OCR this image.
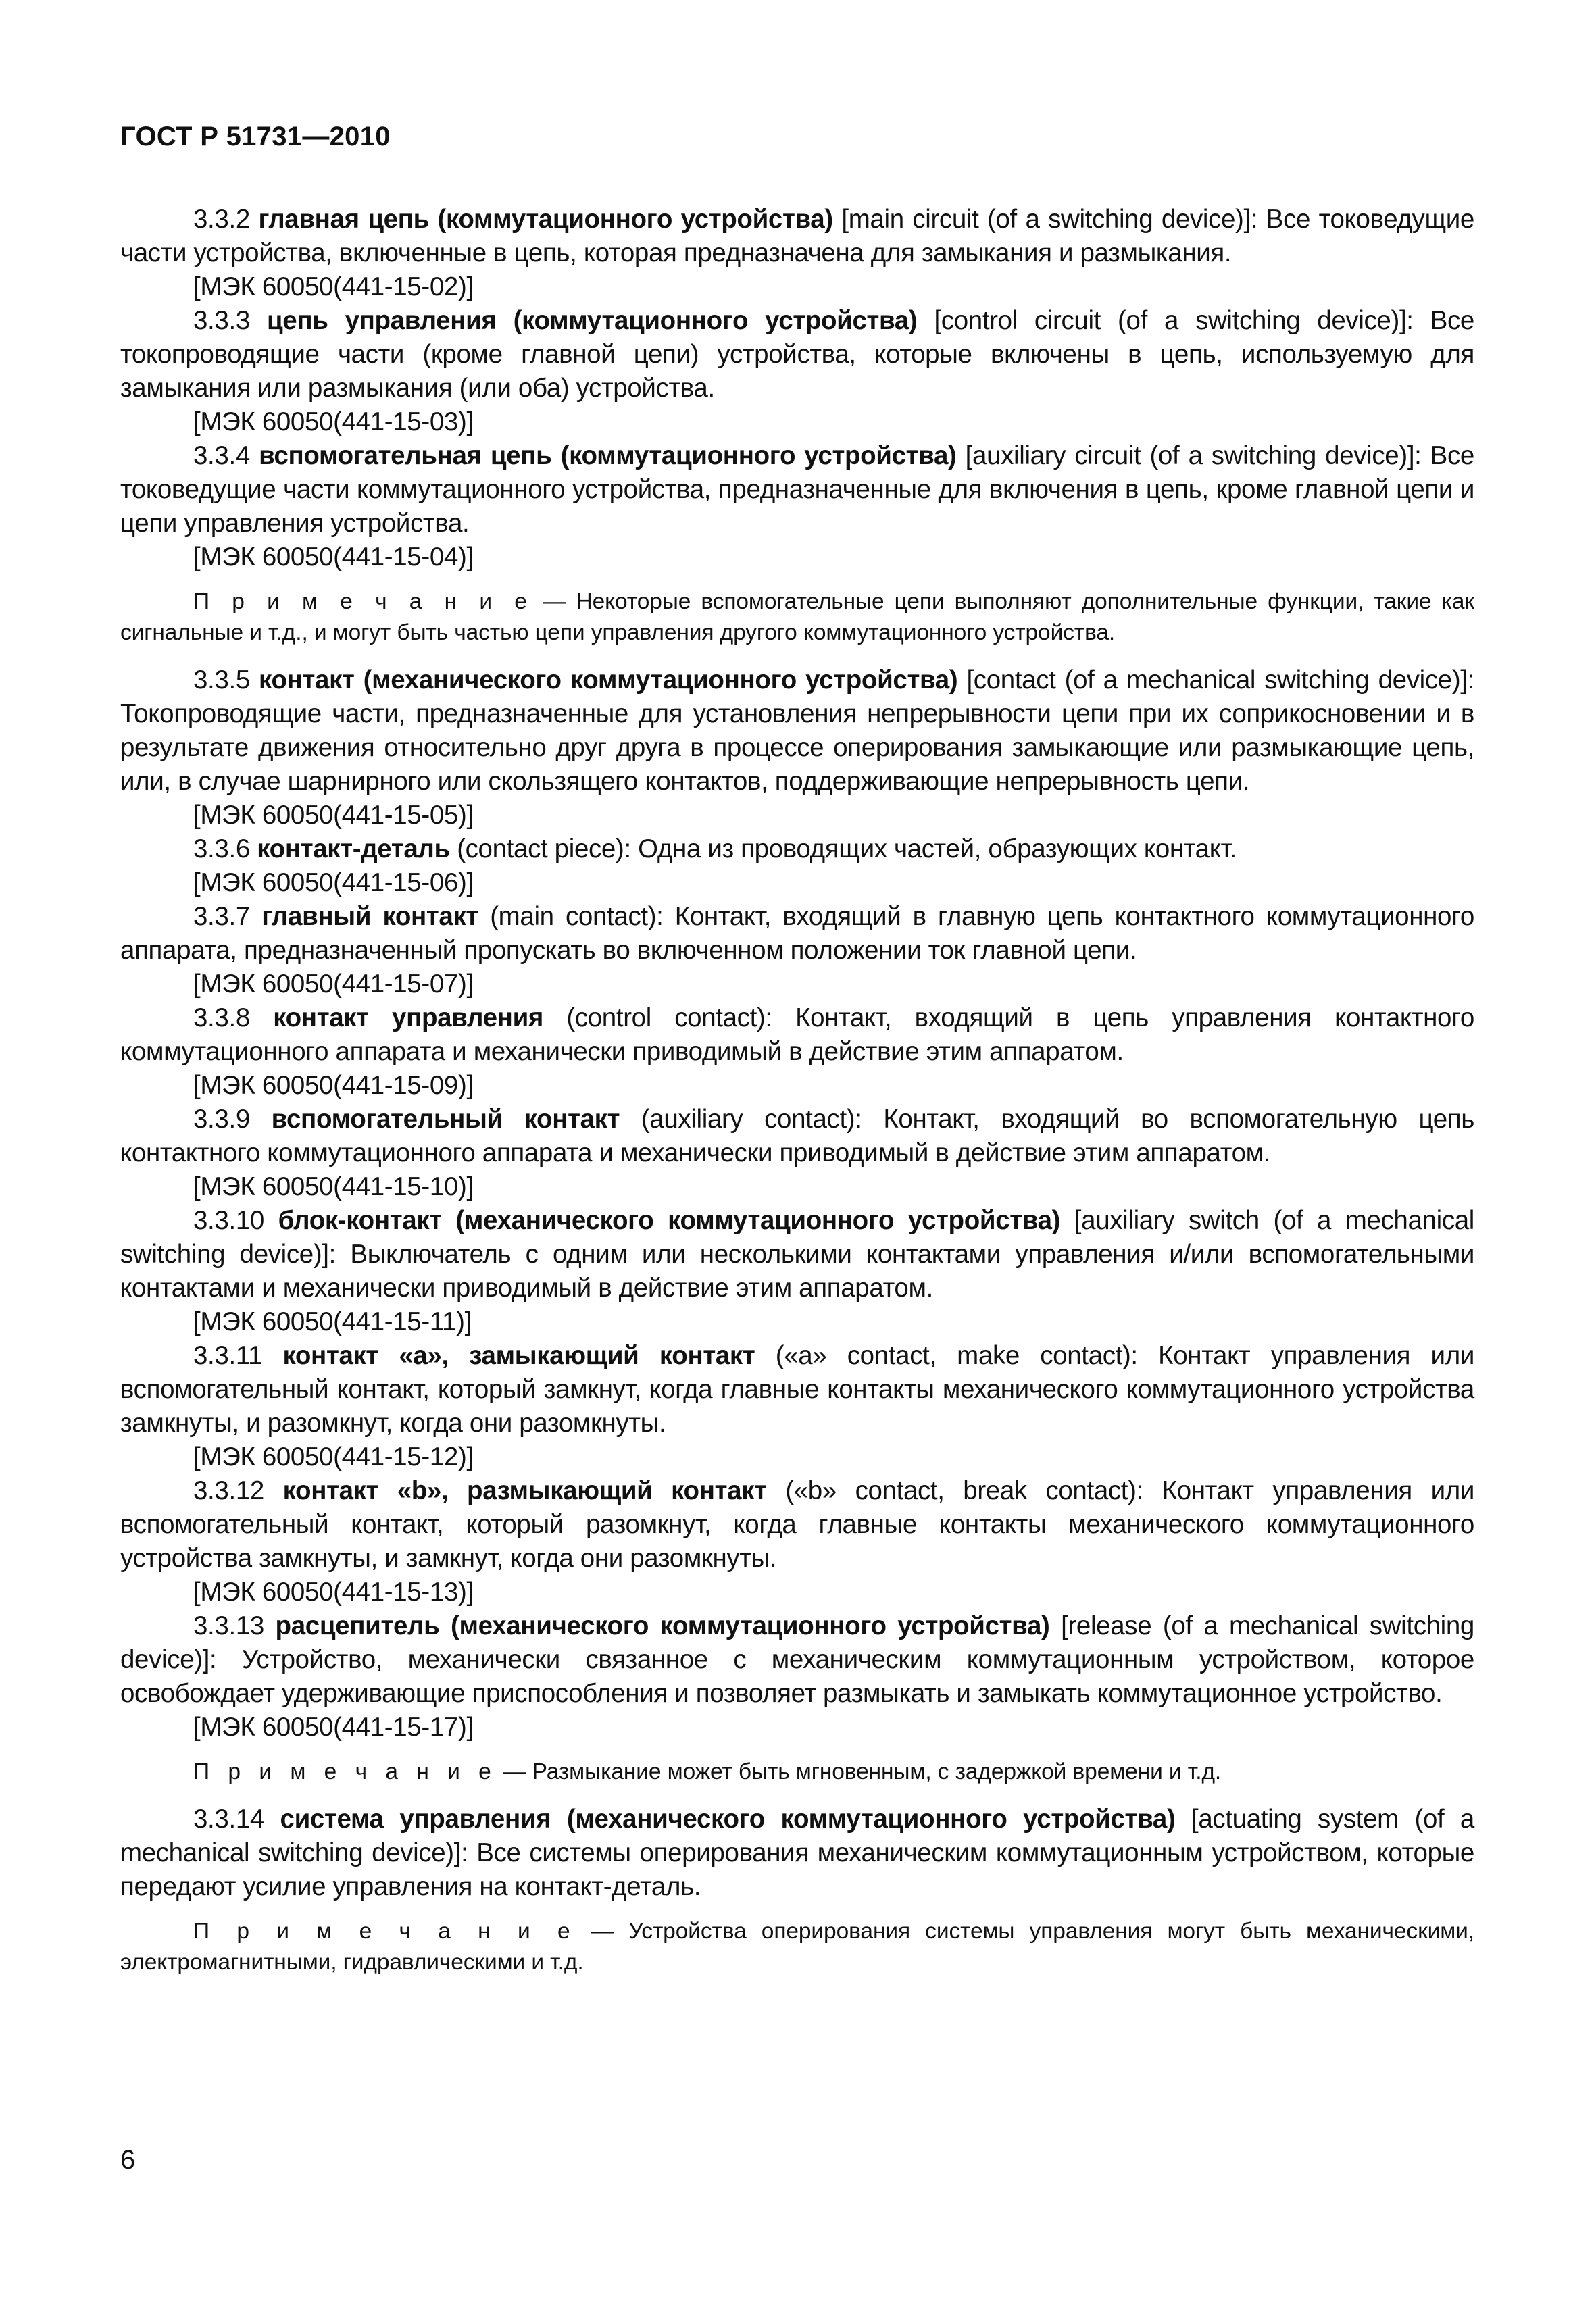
ГОСТ Р 51731—2010

3.3.2 главная цепь (коммутационного устройства) [main circuit (of a switching device)]: Все токоведущие части устройства, включенные в цепь, которая предназначена для замыкания и размыкания.

[МЭК 60050(441-15-02)]

3.3.3 цепь управления (коммутационного устройства) [control circuit (of a switching device)]: Все токопроводящие части (кроме главной цепи) устройства, которые включены в цепь, используемую для замыкания или размыкания (или оба) устройства.

[МЭК 60050(441-15-03)]

3.3.4 вспомогательная цепь (коммутационного устройства) [auxiliary circuit (of a switching device)]: Все токоведущие части коммутационного устройства, предназначенные для включения в цепь, кроме главной цепи и цепи управления устройства.

[МЭК 60050(441-15-04)]

П р и м е ч а н и е — Некоторые вспомогательные цепи выполняют дополнительные функции, такие как сигнальные и т.д., и могут быть частью цепи управления другого коммутационного устройства.

3.3.5 контакт (механического коммутационного устройства) [contact (of a mechanical switching device)]: Токопроводящие части, предназначенные для установления непрерывности цепи при их соприкосновении и в результате движения относительно друг друга в процессе оперирования замыкающие или размыкающие цепь, или, в случае шарнирного или скользящего контактов, поддерживающие непрерывность цепи.

[МЭК 60050(441-15-05)]

3.3.6 контакт-деталь (contact piece): Одна из проводящих частей, образующих контакт.

[МЭК 60050(441-15-06)]

3.3.7 главный контакт (main contact): Контакт, входящий в главную цепь контактного коммутационного аппарата, предназначенный пропускать во включенном положении ток главной цепи.

[МЭК 60050(441-15-07)]

3.3.8 контакт управления (control contact): Контакт, входящий в цепь управления контактного коммутационного аппарата и механически приводимый в действие этим аппаратом.

[МЭК 60050(441-15-09)]

3.3.9 вспомогательный контакт (auxiliary contact): Контакт, входящий во вспомогательную цепь контактного коммутационного аппарата и механически приводимый в действие этим аппаратом.

[МЭК 60050(441-15-10)]

3.3.10 блок-контакт (механического коммутационного устройства) [auxiliary switch (of a mechanical switching device)]: Выключатель с одним или несколькими контактами управления и/или вспомогательными контактами и механически приводимый в действие этим аппаратом.

[МЭК 60050(441-15-11)]

3.3.11 контакт «а», замыкающий контакт («а» contact, make contact): Контакт управления или вспомогательный контакт, который замкнут, когда главные контакты механического коммутационного устройства замкнуты, и разомкнут, когда они разомкнуты.

[МЭК 60050(441-15-12)]

3.3.12 контакт «b», размыкающий контакт («b» contact, break contact): Контакт управления или вспомогательный контакт, который разомкнут, когда главные контакты механического коммутационного устройства замкнуты, и замкнут, когда они разомкнуты.

[МЭК 60050(441-15-13)]

3.3.13 расцепитель (механического коммутационного устройства) [release (of a mechanical switching device)]: Устройство, механически связанное с механическим коммутационным устройством, которое освобождает удерживающие приспособления и позволяет размыкать и замыкать коммутационное устройство.

[МЭК 60050(441-15-17)]

П р и м е ч а н и е — Размыкание может быть мгновенным, с задержкой времени и т.д.

3.3.14 система управления (механического коммутационного устройства) [actuating system (of a mechanical switching device)]: Все системы оперирования механическим коммутационным устройством, которые передают усилие управления на контакт-деталь.

П р и м е ч а н и е — Устройства оперирования системы управления могут быть механическими, электромагнитными, гидравлическими и т.д.

6
